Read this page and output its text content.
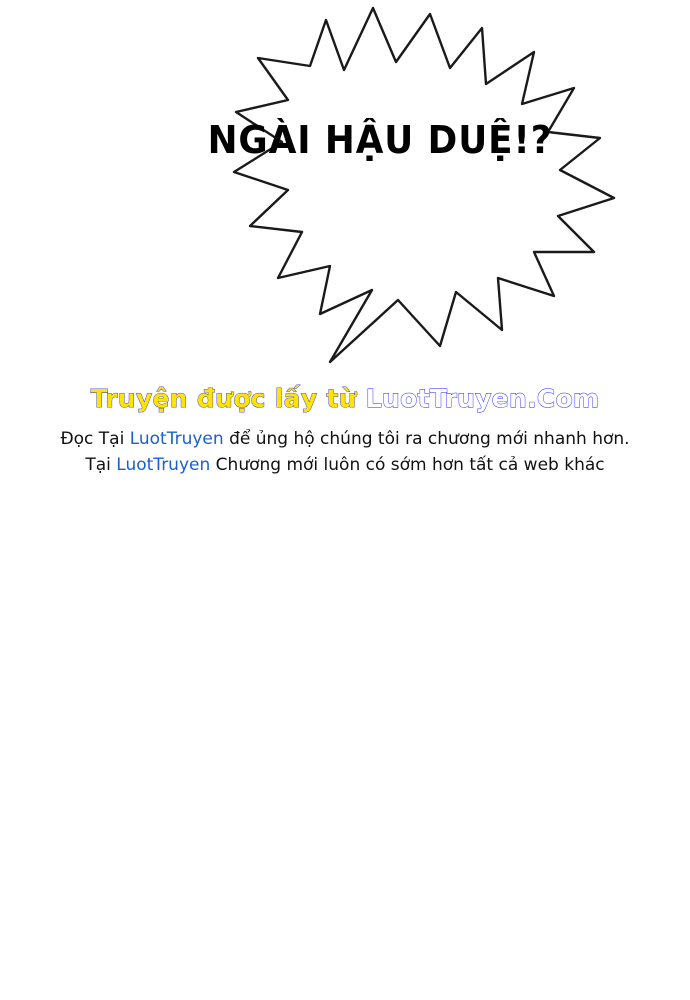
NGÀI HẬU DUỆ!?
Truyện được lấy từ LuotTruyen.Com
Đọc Tại LuotTruyen để ủng hộ chúng tôi ra chương mới nhanh hơn.
Tại LuotTruyen Chương mới luôn có sớm hơn tất cả web khác
